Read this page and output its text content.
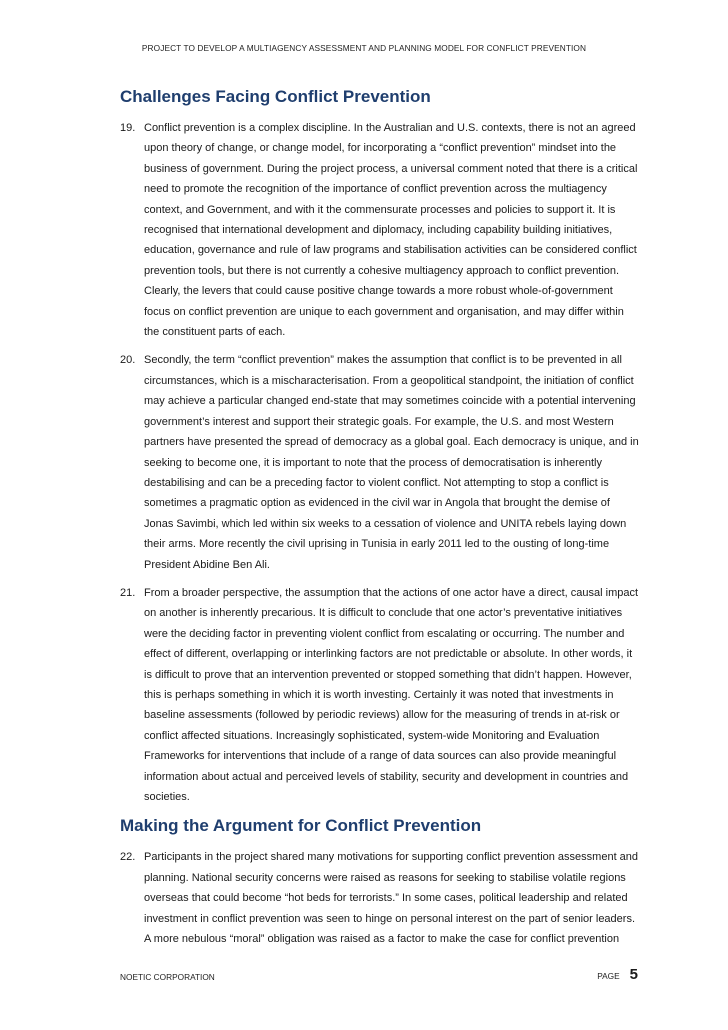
PROJECT TO DEVELOP A MULTIAGENCY ASSESSMENT AND PLANNING MODEL FOR CONFLICT PREVENTION
Challenges Facing Conflict Prevention
19. Conflict prevention is a complex discipline. In the Australian and U.S. contexts, there is not an agreed upon theory of change, or change model, for incorporating a “conflict prevention” mindset into the business of government. During the project process, a universal comment noted that there is a critical need to promote the recognition of the importance of conflict prevention across the multiagency context, and Government, and with it the commensurate processes and policies to support it. It is recognised that international development and diplomacy, including capability building initiatives, education, governance and rule of law programs and stabilisation activities can be considered conflict prevention tools, but there is not currently a cohesive multiagency approach to conflict prevention. Clearly, the levers that could cause positive change towards a more robust whole-of-government focus on conflict prevention are unique to each government and organisation, and may differ within the constituent parts of each.
20. Secondly, the term “conflict prevention” makes the assumption that conflict is to be prevented in all circumstances, which is a mischaracterisation. From a geopolitical standpoint, the initiation of conflict may achieve a particular changed end-state that may sometimes coincide with a potential intervening government’s interest and support their strategic goals. For example, the U.S. and most Western partners have presented the spread of democracy as a global goal. Each democracy is unique, and in seeking to become one, it is important to note that the process of democratisation is inherently destabilising and can be a preceding factor to violent conflict. Not attempting to stop a conflict is sometimes a pragmatic option as evidenced in the civil war in Angola that brought the demise of Jonas Savimbi, which led within six weeks to a cessation of violence and UNITA rebels laying down their arms. More recently the civil uprising in Tunisia in early 2011 led to the ousting of long-time President Abidine Ben Ali.
21. From a broader perspective, the assumption that the actions of one actor have a direct, causal impact on another is inherently precarious. It is difficult to conclude that one actor’s preventative initiatives were the deciding factor in preventing violent conflict from escalating or occurring. The number and effect of different, overlapping or interlinking factors are not predictable or absolute. In other words, it is difficult to prove that an intervention prevented or stopped something that didn’t happen. However, this is perhaps something in which it is worth investing. Certainly it was noted that investments in baseline assessments (followed by periodic reviews) allow for the measuring of trends in at-risk or conflict affected situations. Increasingly sophisticated, system-wide Monitoring and Evaluation Frameworks for interventions that include of a range of data sources can also provide meaningful information about actual and perceived levels of stability, security and development in countries and societies.
Making the Argument for Conflict Prevention
22. Participants in the project shared many motivations for supporting conflict prevention assessment and planning. National security concerns were raised as reasons for seeking to stabilise volatile regions overseas that could become “hot beds for terrorists.” In some cases, political leadership and related investment in conflict prevention was seen to hinge on personal interest on the part of senior leaders. A more nebulous “moral” obligation was raised as a factor to make the case for conflict prevention
NOETIC CORPORATION	PAGE 5
